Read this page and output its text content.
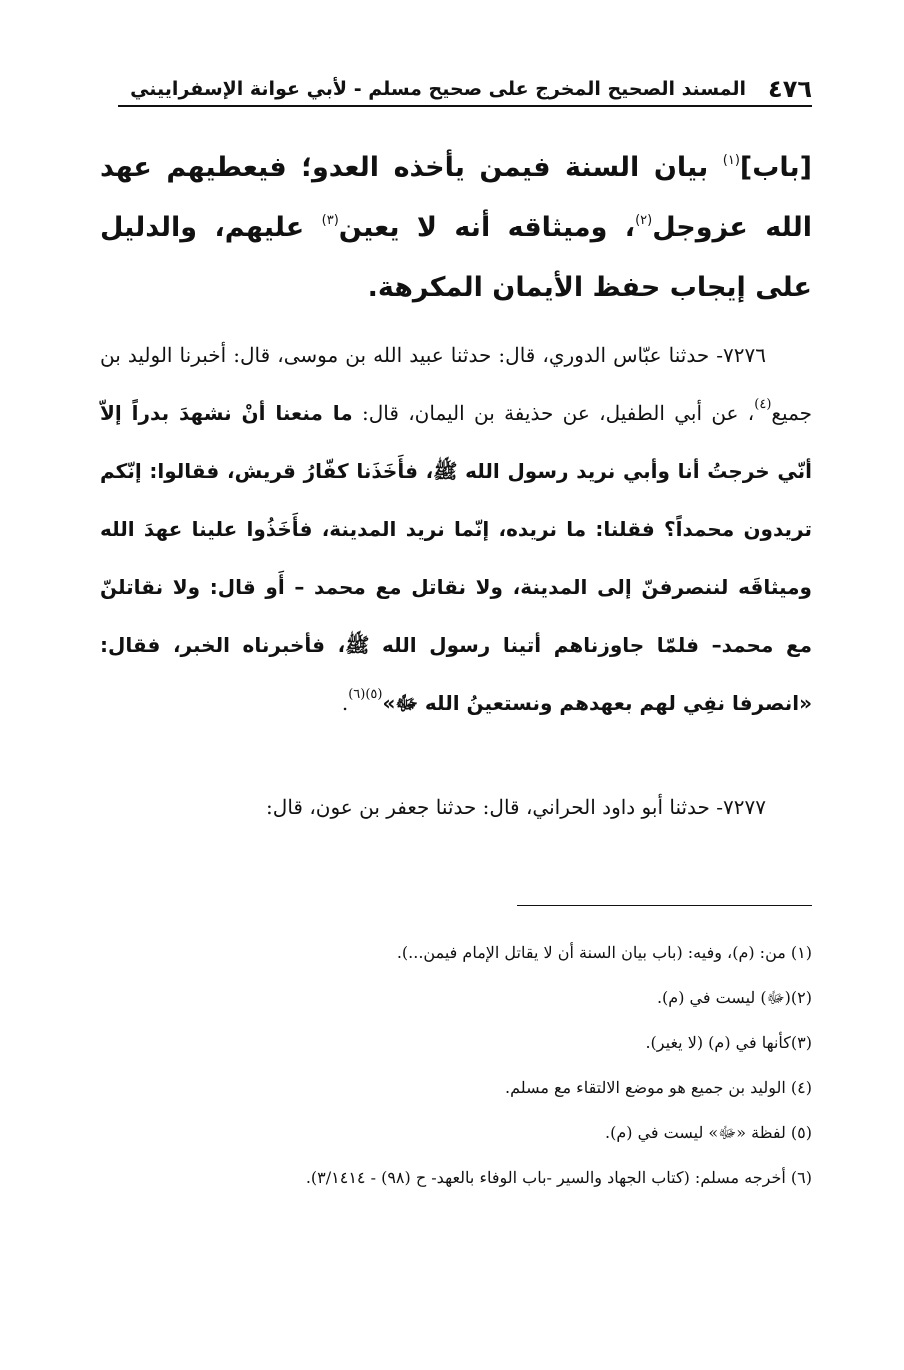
٤٧٦
المسند الصحيح المخرج على صحيح مسلم - لأبي عوانة الإسفراييني
[باب]$^{(١)}$ بيان السنة فيمن يأخذه العدو؛ فيعطيهم عهد الله عزوجل$^{(٢)}$، وميثاقه أنه لا يعين$^{(٣)}$ عليهم، والدليل على إيجاب حفظ الأيمان المكرهة.
٧٢٧٦- حدثنا عبّاس الدوري، قال: حدثنا عبيد الله بن موسى، قال: أخبرنا الوليد بن جميع$^{(٤)}$، عن أبي الطفيل، عن حذيفة بن اليمان، قال: ما منعنا أنْ نشهدَ بدراً إلاّ أنّي خرجتُ أنا وأبي نريد رسول الله ﷺ، فأَخَذَنا كفّارُ قريش، فقالوا: إنّكم تريدون محمداً؟ فقلنا: ما نريده، إنّما نريد المدينة، فأَخَذُوا علينا عهدَ الله وميثاقَه لننصرفنّ إلى المدينة، ولا نقاتل مع محمد – أَو قال: ولا نقاتلنّ مع محمد– فلمّا جاوزناهم أتينا رسول الله ﷺ، فأخبرناه الخبر، فقال: «انصرفا نفِي لهم بعهدهم ونستعينُ الله ﷻ»$^{(٥)(٦)}$.
٧٢٧٧- حدثنا أبو داود الحراني، قال: حدثنا جعفر بن عون، قال:
(١) من: (م)، وفيه: (باب بيان السنة أن لا يقاتل الإمام فيمن...).
(٢)(ﷻ) ليست في (م).
(٣)كأنها في (م) (لا يغير).
(٤) الوليد بن جميع هو موضع الالتقاء مع مسلم.
(٥) لفظة «ﷻ» ليست في (م).
(٦) أخرجه مسلم: (كتاب الجهاد والسير -باب الوفاء بالعهد- ح (٩٨) - ٣/١٤١٤).
